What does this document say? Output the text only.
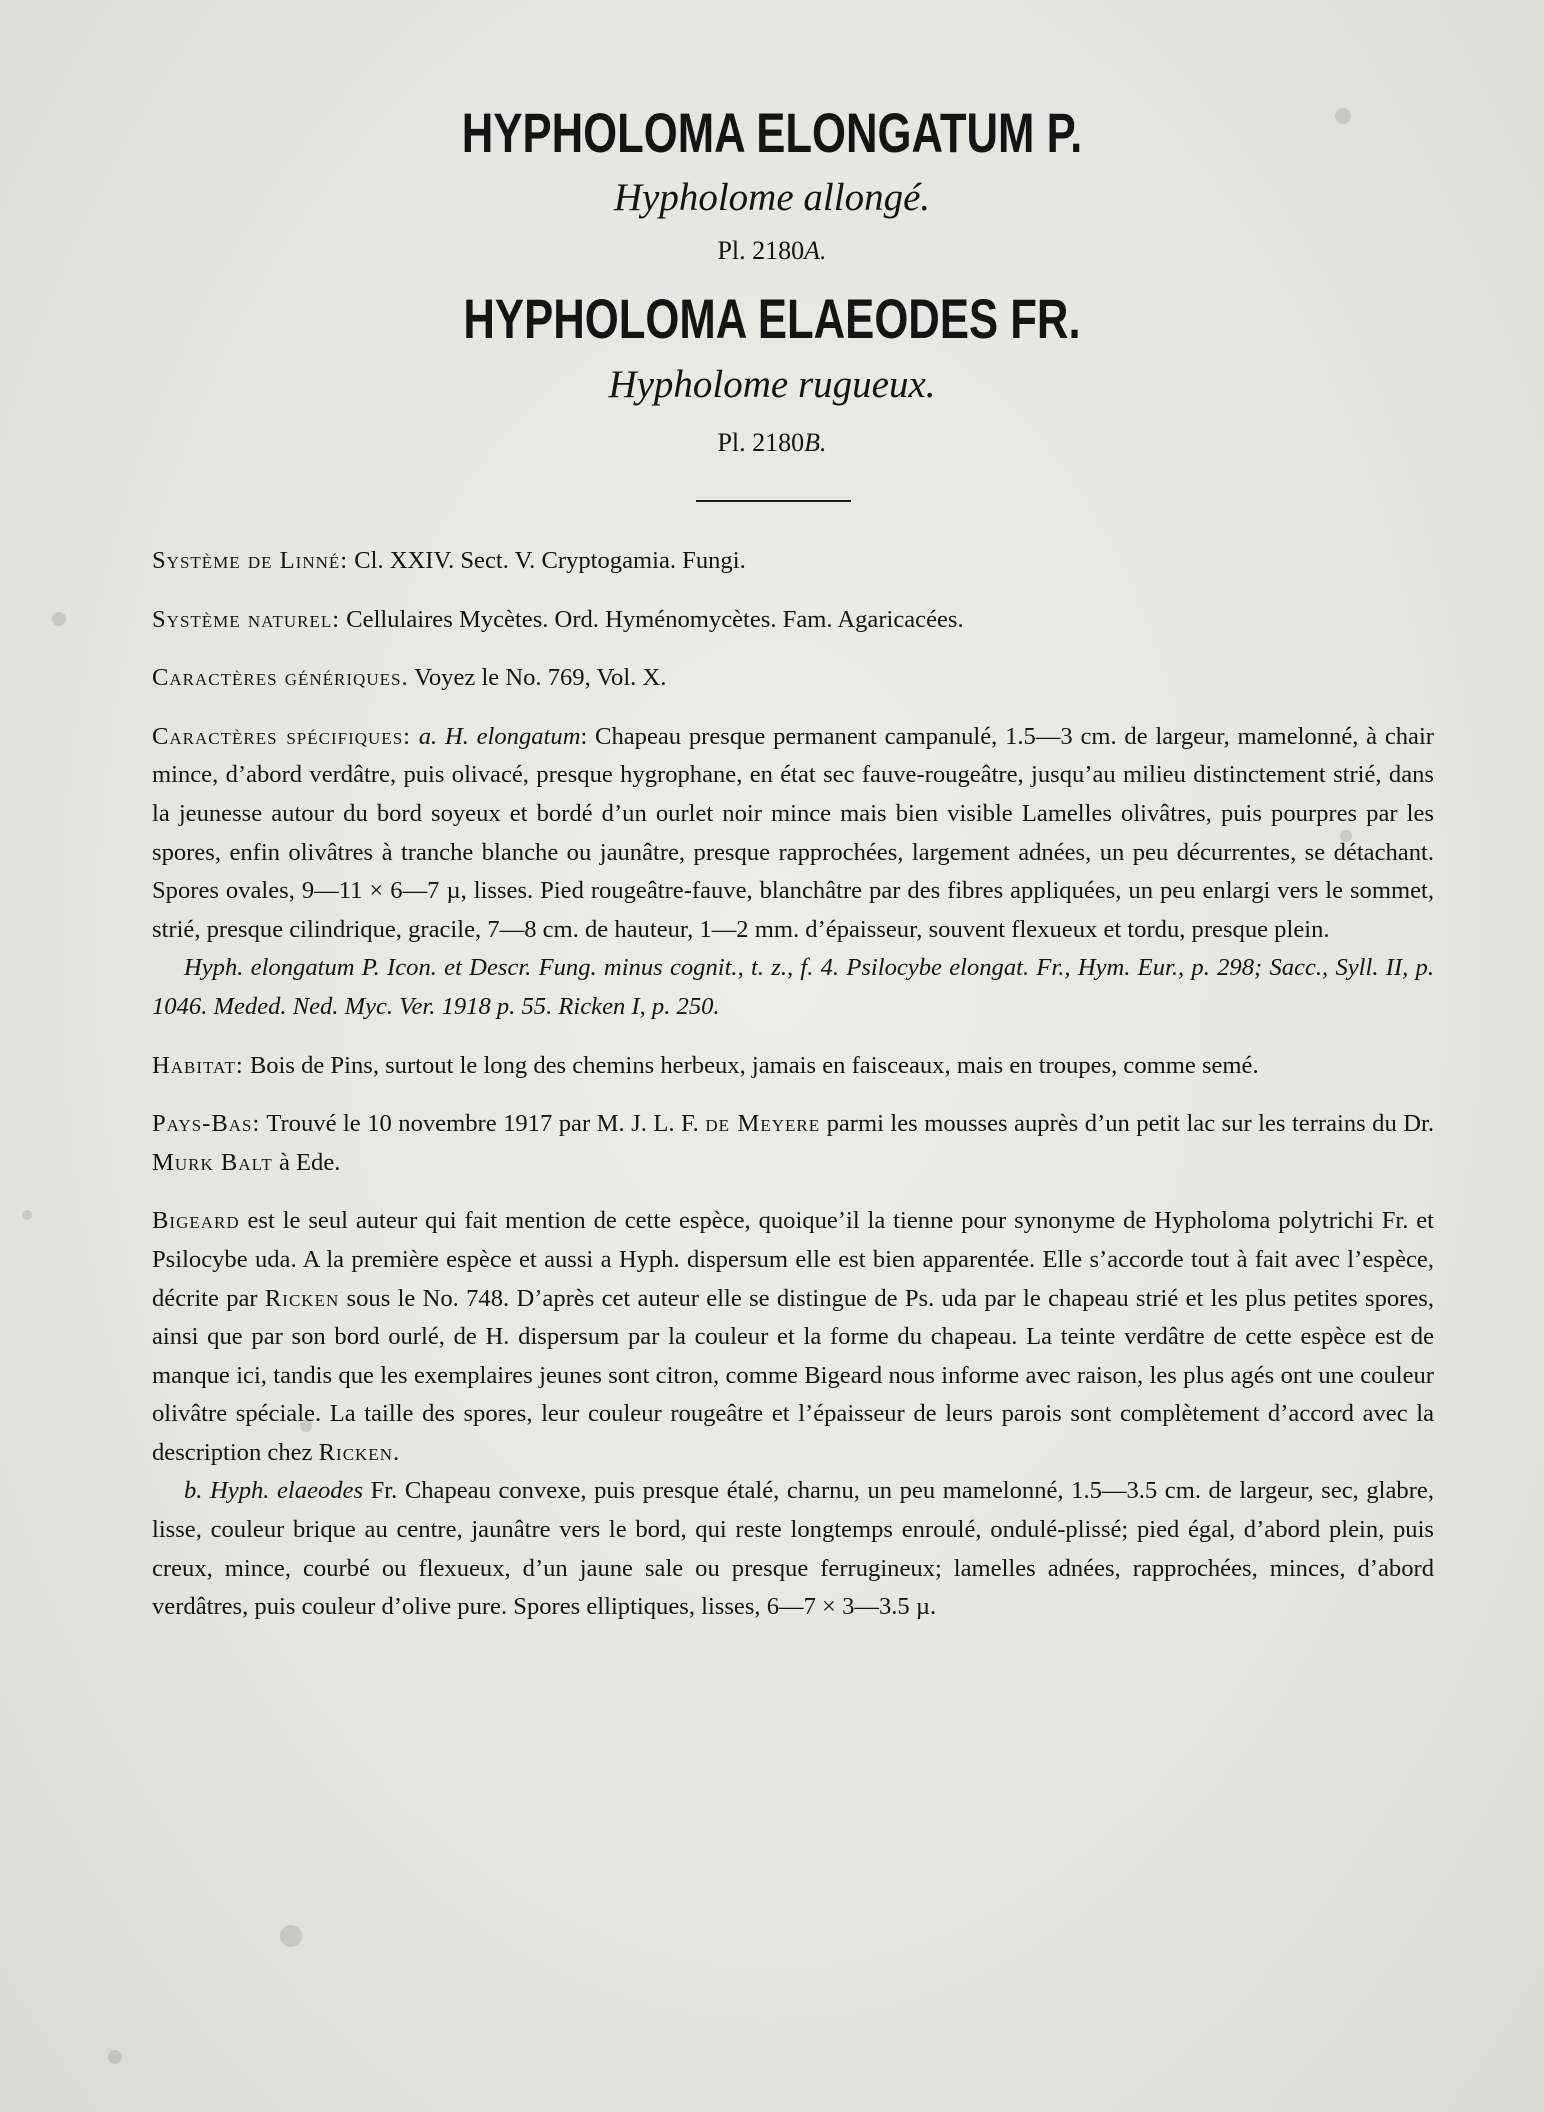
HYPHOLOMA ELONGATUM P.
Hypholome allongé.
Pl. 2180A.
HYPHOLOMA ELAEODES FR.
Hypholome rugueux.
Pl. 2180B.

Système de Linné: Cl. XXIV. Sect. V. Cryptogamia. Fungi.

Système naturel: Cellulaires Mycètes. Ord. Hyménomycètes. Fam. Agaricacées.

Caractères génériques. Voyez le No. 769, Vol. X.

Caractères spécifiques: a. H. elongatum: Chapeau presque permanent campanulé, 1.5—3 cm. de largeur, mamelonné, à chair mince, d’abord verdâtre, puis olivacé, presque hygrophane, en état sec fauve-rougeâtre, jusqu’au milieu distinctement strié, dans la jeunesse autour du bord soyeux et bordé d’un ourlet noir mince mais bien visible Lamelles olivâtres, puis pourpres par les spores, enfin olivâtres à tranche blanche ou jaunâtre, presque rapprochées, largement adnées, un peu décurrentes, se détachant. Spores ovales, 9—11 × 6—7 µ, lisses. Pied rougeâtre-fauve, blanchâtre par des fibres appliquées, un peu enlargi vers le sommet, strié, presque cilindrique, gracile, 7—8 cm. de hauteur, 1—2 mm. d’épaisseur, souvent flexueux et tordu, presque plein.

Hyph. elongatum P. Icon. et Descr. Fung. minus cognit., t. z., f. 4. Psilocybe elongat. Fr., Hym. Eur., p. 298; Sacc., Syll. II, p. 1046. Meded. Ned. Myc. Ver. 1918 p. 55. Ricken I, p. 250.

Habitat: Bois de Pins, surtout le long des chemins herbeux, jamais en faisceaux, mais en troupes, comme semé.

Pays-Bas: Trouvé le 10 novembre 1917 par M. J. L. F. de Meyere parmi les mousses auprès d’un petit lac sur les terrains du Dr. Murk Balt à Ede.

Bigeard est le seul auteur qui fait mention de cette espèce, quoique’il la tienne pour synonyme de Hypholoma polytrichi Fr. et Psilocybe uda. A la première espèce et aussi a Hyph. dispersum elle est bien apparentée. Elle s’accorde tout à fait avec l’espèce, décrite par Ricken sous le No. 748. D’après cet auteur elle se distingue de Ps. uda par le chapeau strié et les plus petites spores, ainsi que par son bord ourlé, de H. dispersum par la couleur et la forme du chapeau. La teinte verdâtre de cette espèce est de manque ici, tandis que les exemplaires jeunes sont citron, comme Bigeard nous informe avec raison, les plus agés ont une couleur olivâtre spéciale. La taille des spores, leur couleur rougeâtre et l’épaisseur de leurs parois sont complètement d’accord avec la description chez Ricken.

b. Hyph. elaeodes Fr. Chapeau convexe, puis presque étalé, charnu, un peu mamelonné, 1.5—3.5 cm. de largeur, sec, glabre, lisse, couleur brique au centre, jaunâtre vers le bord, qui reste longtemps enroulé, ondulé-plissé; pied égal, d’abord plein, puis creux, mince, courbé ou flexueux, d’un jaune sale ou presque ferrugineux; lamelles adnées, rapprochées, minces, d’abord verdâtres, puis couleur d’olive pure. Spores elliptiques, lisses, 6—7 × 3—3.5 µ.
